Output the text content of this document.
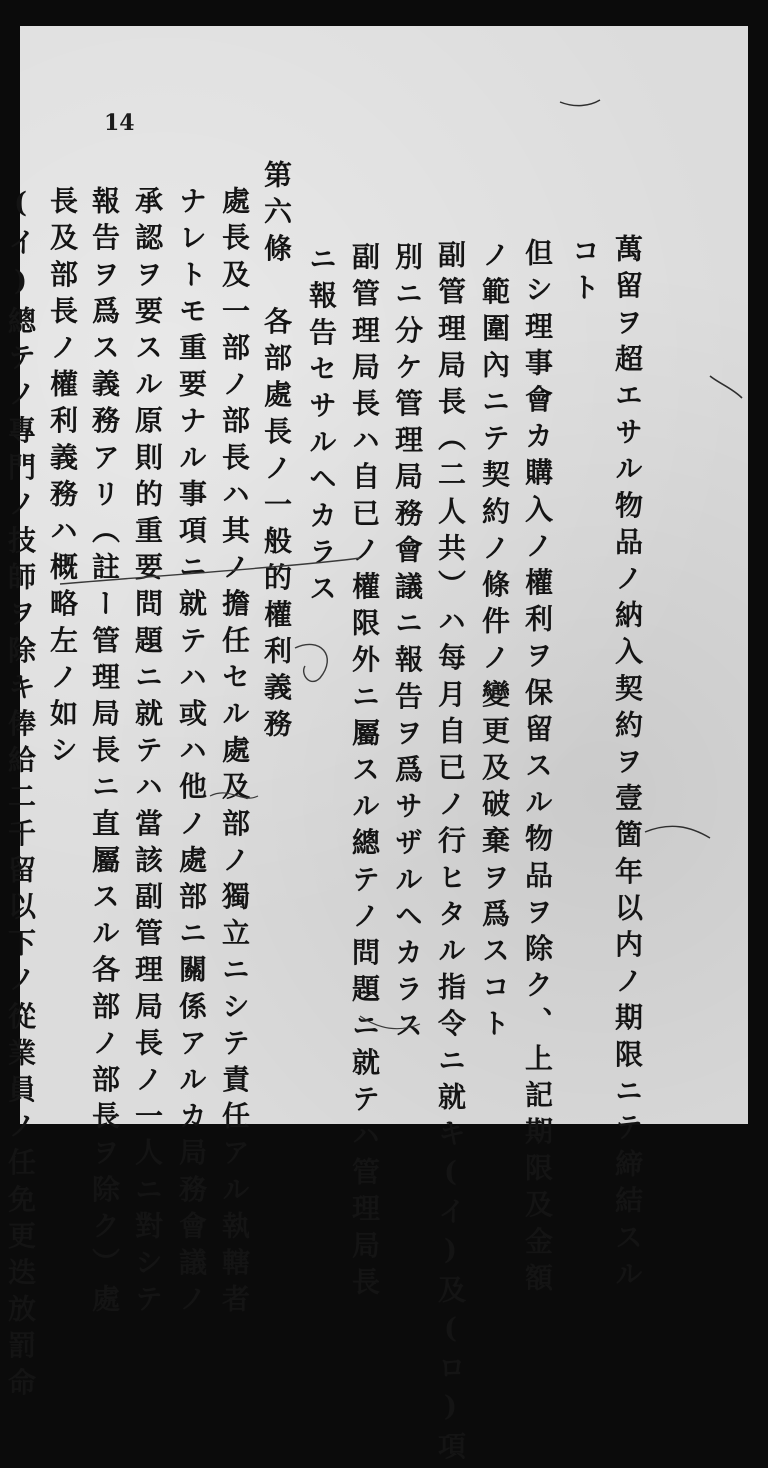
14
萬留ヲ超エサル物品ノ納入契約ヲ壹箇年以内ノ期限ニテ締結スル
コト
但シ理事會カ購入ノ權利ヲ保留スル物品ヲ除ク、上記期限及金額
ノ範圍內ニテ契約ノ條件ノ變更及破棄ヲ爲スコト
副管理局長（二人共）ハ每月自已ノ行ヒタル指令ニ就キ(イ)及(ロ)項
別ニ分ケ管理局務會議ニ報告ヲ爲サザルヘカラス
副管理局長ハ自已ノ權限外ニ屬スル總テノ問題ニ就テハ管理局長
ニ報告セサルヘカラス
第六條　各部處長ノ一般的權利義務
處長及一部ノ部長ハ其ノ擔任セル處及部ノ獨立ニシテ責任アル執轄者
ナレトモ重要ナル事項ニ就テハ或ハ他ノ處部ニ關係アルカ局務會議ノ
承認ヲ要スル原則的重要問題ニ就テハ當該副管理局長ノ一人ニ對シテ
報告ヲ爲ス義務アリ（註ー管理局長ニ直屬スル各部ノ部長ヲ除ク）處
長及部長ノ權利義務ハ概略左ノ如シ
(イ)總テノ專門ノ技師ヲ除キ俸給二千留以下ノ從業員ノ任免更迭放罰命
